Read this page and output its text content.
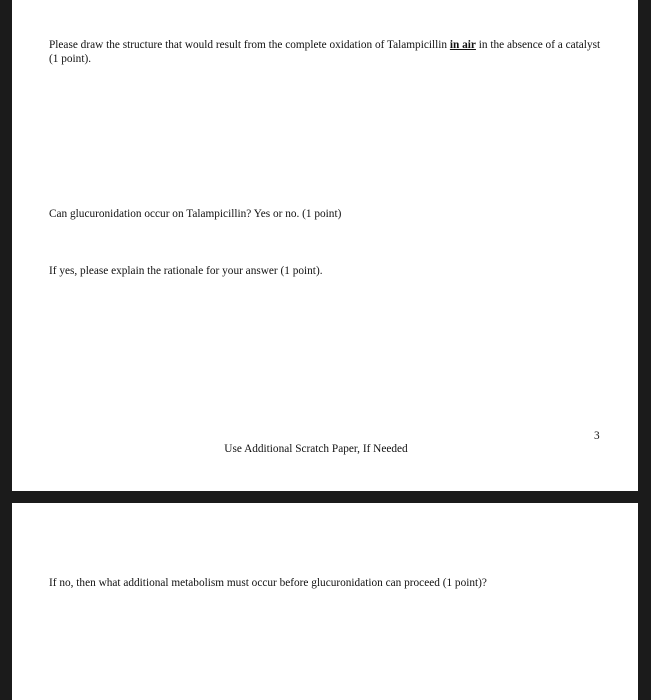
Please draw the structure that would result from the complete oxidation of Talampicillin in air in the absence of a catalyst (1 point).

Can glucuronidation occur on Talampicillin? Yes or no. (1 point)

If yes, please explain the rationale for your answer (1 point).

3
Use Additional Scratch Paper, If Needed

If no, then what additional metabolism must occur before glucuronidation can proceed (1 point)?
